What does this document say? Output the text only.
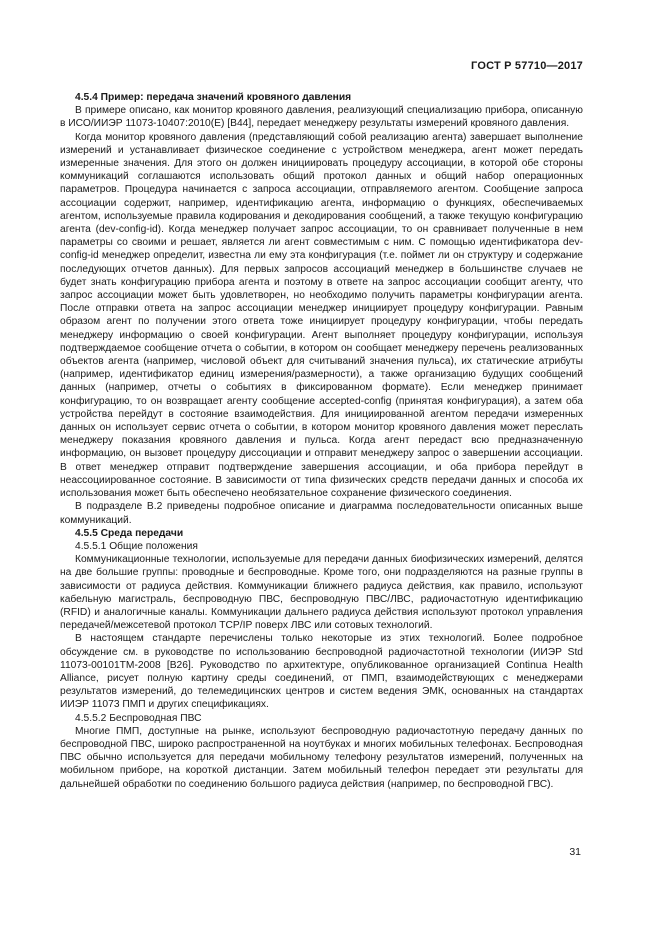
ГОСТ Р 57710—2017

4.5.4 Пример: передача значений кровяного давления

В примере описано, как монитор кровяного давления, реализующий специализацию прибора, описанную в ИСО/ИИЭР 11073-10407:2010(E) [B44], передает менеджеру результаты измерений кровяного давления.

Когда монитор кровяного давления (представляющий собой реализацию агента) завершает выполнение измерений и устанавливает физическое соединение с устройством менеджера, агент может передать измеренные значения. Для этого он должен инициировать процедуру ассоциации, в которой обе стороны коммуникаций соглашаются использовать общий протокол данных и общий набор операционных параметров. Процедура начинается с запроса ассоциации, отправляемого агентом. Сообщение запроса ассоциации содержит, например, идентификацию агента, информацию о функциях, обеспечиваемых агентом, используемые правила кодирования и декодирования сообщений, а также текущую конфигурацию агента (dev-config-id). Когда менеджер получает запрос ассоциации, то он сравнивает полученные в нем параметры со своими и решает, является ли агент совместимым с ним. С помощью идентификатора dev-config-id менеджер определит, известна ли ему эта конфигурация (т.е. поймет ли он структуру и содержание последующих отчетов данных). Для первых запросов ассоциаций менеджер в большинстве случаев не будет знать конфигурацию прибора агента и поэтому в ответе на запрос ассоциации сообщит агенту, что запрос ассоциации может быть удовлетворен, но необходимо получить параметры конфигурации агента. После отправки ответа на запрос ассоциации менеджер инициирует процедуру конфигурации. Равным образом агент по получении этого ответа тоже инициирует процедуру конфигурации, чтобы передать менеджеру информацию о своей конфигурации. Агент выполняет процедуру конфигурации, используя подтверждаемое сообщение отчета о событии, в котором он сообщает менеджеру перечень реализованных объектов агента (например, числовой объект для считываний значения пульса), их статические атрибуты (например, идентификатор единиц измерения/размерности), а также организацию будущих сообщений данных (например, отчеты о событиях в фиксированном формате). Если менеджер принимает конфигурацию, то он возвращает агенту сообщение accepted-config (принятая конфигурация), а затем оба устройства перейдут в состояние взаимодействия. Для инициированной агентом передачи измеренных данных он использует сервис отчета о событии, в котором монитор кровяного давления может переслать менеджеру показания кровяного давления и пульса. Когда агент передаст всю предназначенную информацию, он вызовет процедуру диссоциации и отправит менеджеру запрос о завершении ассоциации. В ответ менеджер отправит подтверждение завершения ассоциации, и оба прибора перейдут в неассоциированное состояние. В зависимости от типа физических средств передачи данных и способа их использования может быть обеспечено необязательное сохранение физического соединения.

В подразделе B.2 приведены подробное описание и диаграмма последовательности описанных выше коммуникаций.

4.5.5 Среда передачи

4.5.5.1 Общие положения

Коммуникационные технологии, используемые для передачи данных биофизических измерений, делятся на две большие группы: проводные и беспроводные. Кроме того, они подразделяются на разные группы в зависимости от радиуса действия. Коммуникации ближнего радиуса действия, как правило, используют кабельную магистраль, беспроводную ПВС, беспроводную ПВС/ЛВС, радиочастотную идентификацию (RFID) и аналогичные каналы. Коммуникации дальнего радиуса действия используют протокол управления передачей/межсетевой протокол TCP/IP поверх ЛВС или сотовых технологий.

В настоящем стандарте перечислены только некоторые из этих технологий. Более подробное обсуждение см. в руководстве по использованию беспроводной радиочастотной технологии (ИИЭР Std 11073-00101TM-2008 [B26]. Руководство по архитектуре, опубликованное организацией Continua Health Alliance, рисует полную картину среды соединений, от ПМП, взаимодействующих с менеджерами результатов измерений, до телемедицинских центров и систем ведения ЭМК, основанных на стандартах ИИЭР 11073 ПМП и других спецификациях.

4.5.5.2 Беспроводная ПВС

Многие ПМП, доступные на рынке, используют беспроводную радиочастотную передачу данных по беспроводной ПВС, широко распространенной на ноутбуках и многих мобильных телефонах. Беспроводная ПВС обычно используется для передачи мобильному телефону результатов измерений, полученных на мобильном приборе, на короткой дистанции. Затем мобильный телефон передает эти результаты для дальнейшей обработки по соединению большого радиуса действия (например, по беспроводной ГВС).

31
